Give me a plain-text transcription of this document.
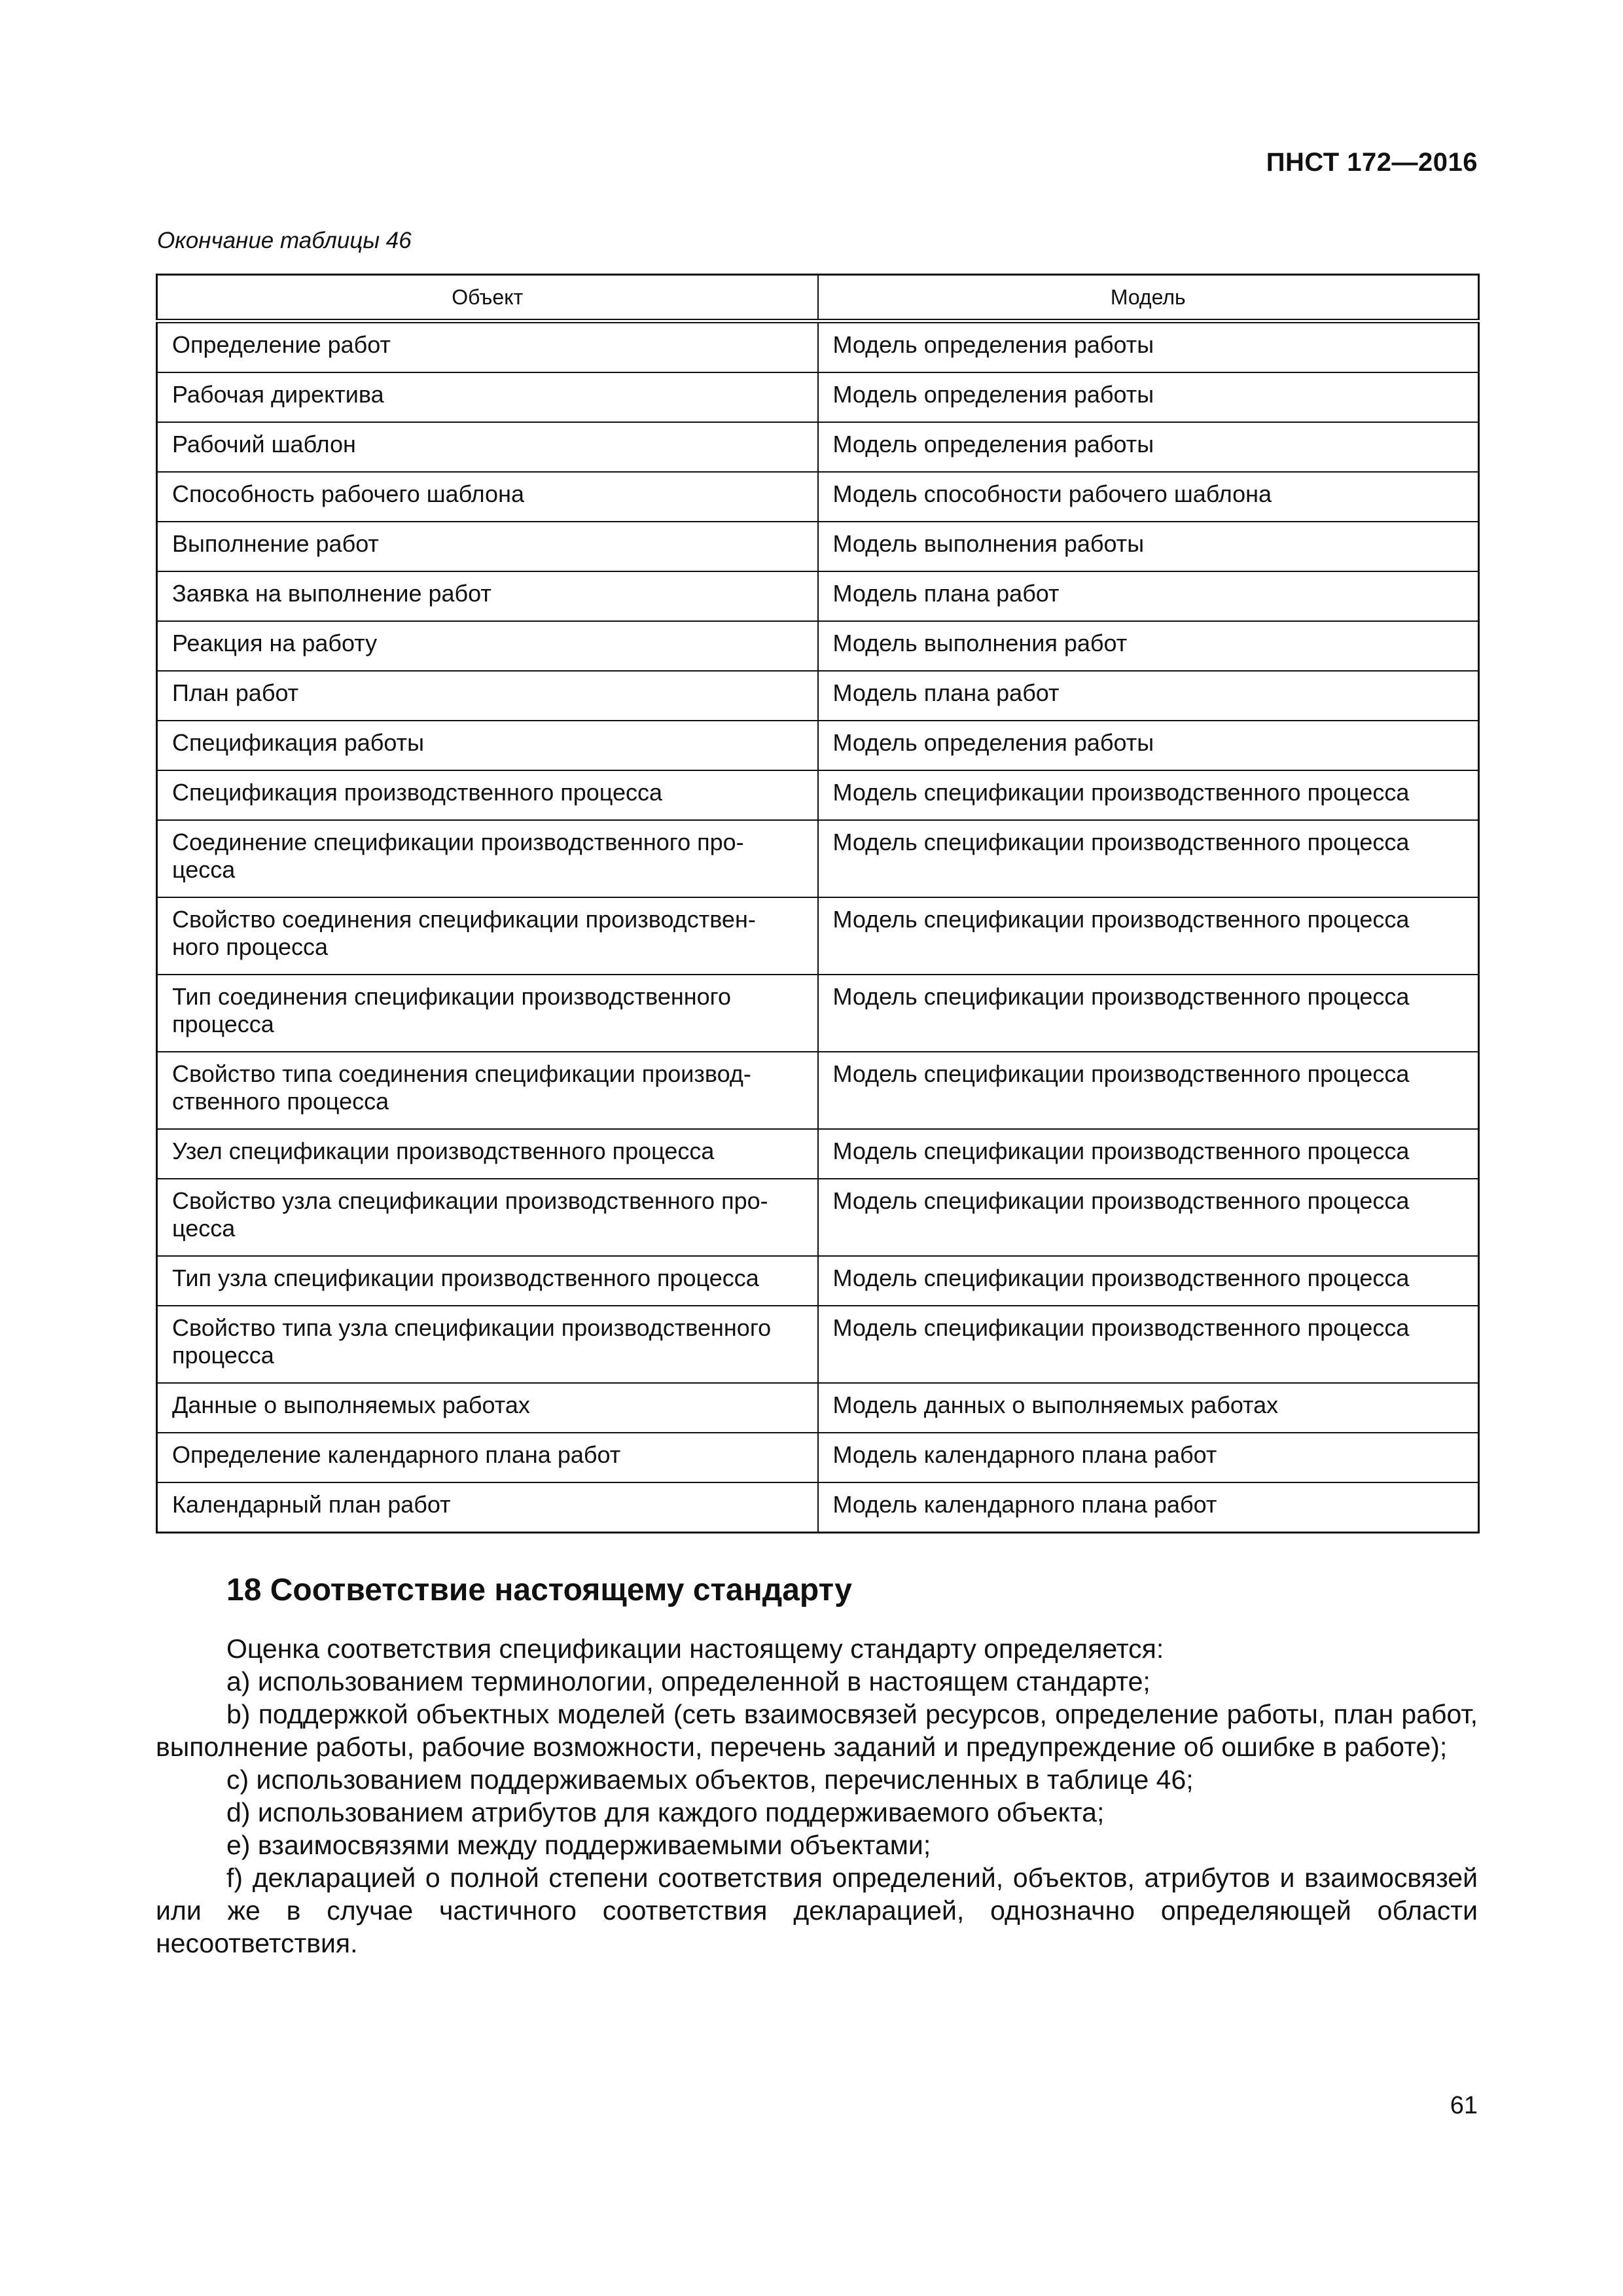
ПНСТ 172—2016
Окончание таблицы 46
Объект	Модель
Определение работ	Модель определения работы
Рабочая директива	Модель определения работы
Рабочий шаблон	Модель определения работы
Способность рабочего шаблона	Модель способности рабочего шаблона
Выполнение работ	Модель выполнения работы
Заявка на выполнение работ	Модель плана работ
Реакция на работу	Модель выполнения работ
План работ	Модель плана работ
Спецификация работы	Модель определения работы
Спецификация производственного процесса	Модель спецификации производственного процесса
Соединение спецификации производственного про-
цесса	Модель спецификации производственного процесса
Свойство соединения спецификации производствен-
ного процесса	Модель спецификации производственного процесса
Тип соединения спецификации производственного
процесса	Модель спецификации производственного процесса
Свойство типа соединения спецификации производ-
ственного процесса	Модель спецификации производственного процесса
Узел спецификации производственного процесса	Модель спецификации производственного процесса
Свойство узла спецификации производственного про-
цесса	Модель спецификации производственного процесса
Тип узла спецификации производственного процесса	Модель спецификации производственного процесса
Свойство типа узла спецификации производственного
процесса	Модель спецификации производственного процесса
Данные о выполняемых работах	Модель данных о выполняемых работах
Определение календарного плана работ	Модель календарного плана работ
Календарный план работ	Модель календарного плана работ
18 Соответствие настоящему стандарту

Оценка соответствия спецификации настоящему стандарту определяется:

a) использованием терминологии, определенной в настоящем стандарте;

b) поддержкой объектных моделей (сеть взаимосвязей ресурсов, определение работы, план работ, выполнение работы, рабочие возможности, перечень заданий и предупреждение об ошибке в работе);

c) использованием поддерживаемых объектов, перечисленных в таблице 46;

d) использованием атрибутов для каждого поддерживаемого объекта;

e) взаимосвязями между поддерживаемыми объектами;

f) декларацией о полной степени соответствия определений, объектов, атрибутов и взаимосвязей или же в случае частичного соответствия декларацией, однозначно определяющей области несоответствия.

61
